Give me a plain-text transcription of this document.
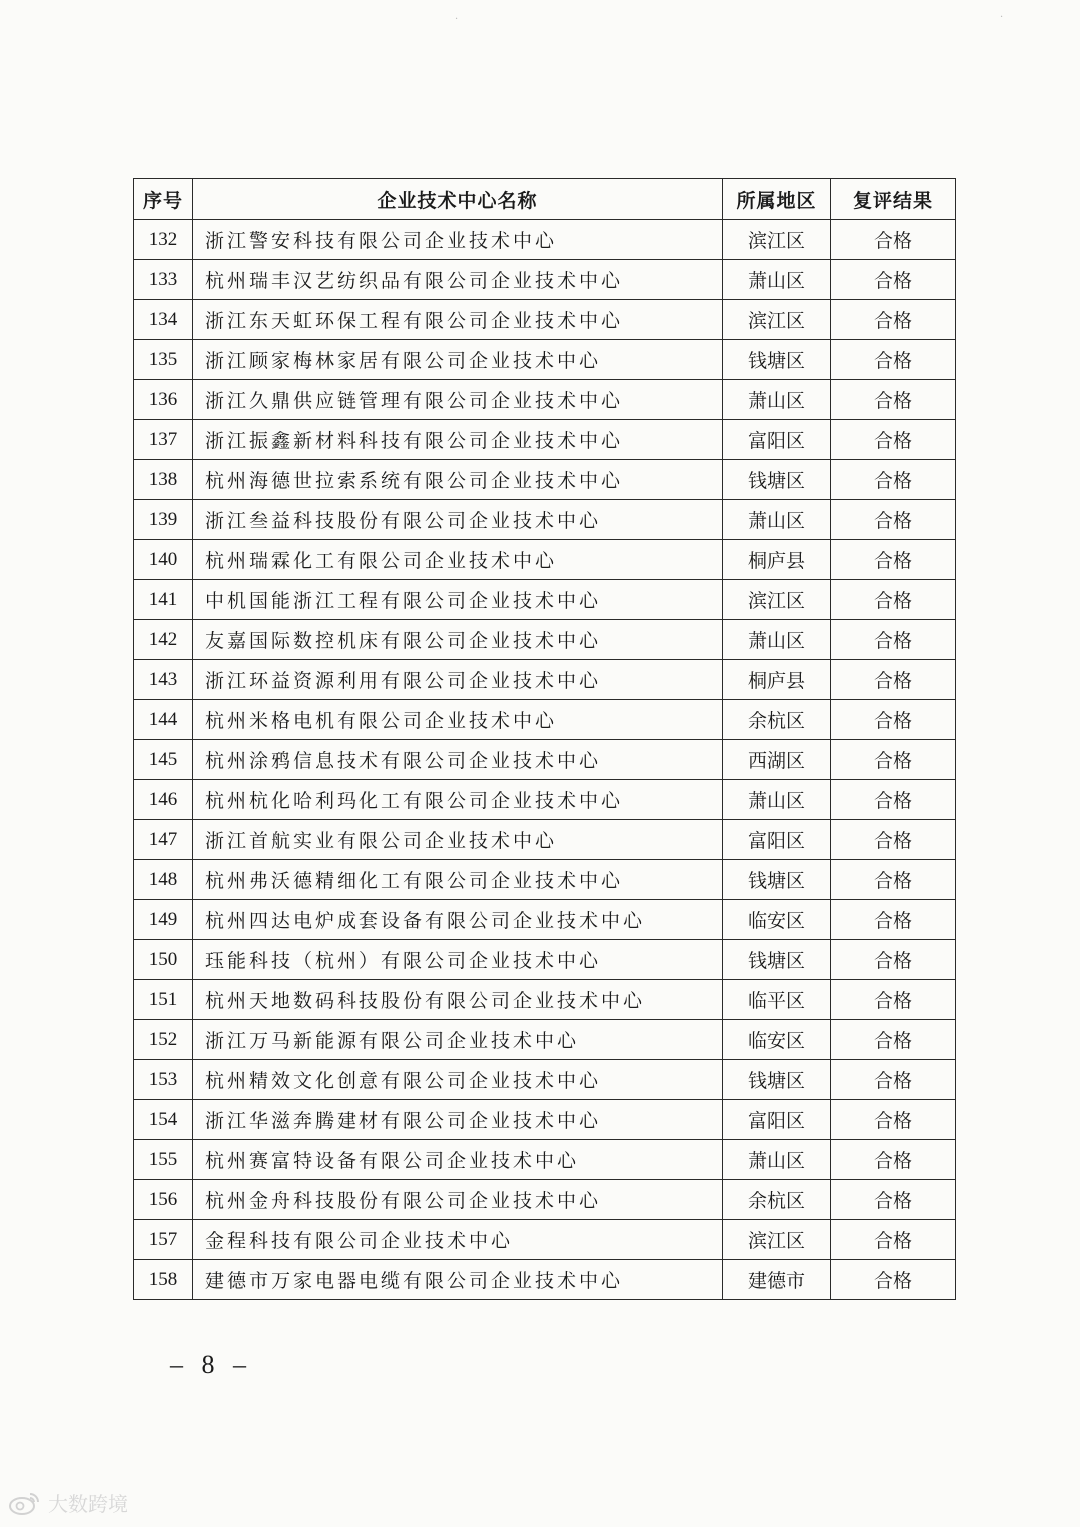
·	·
序号	企业技术中心名称	所属地区	复评结果
132	浙江警安科技有限公司企业技术中心	滨江区	合格
133	杭州瑞丰汉艺纺织品有限公司企业技术中心	萧山区	合格
134	浙江东天虹环保工程有限公司企业技术中心	滨江区	合格
135	浙江顾家梅林家居有限公司企业技术中心	钱塘区	合格
136	浙江久鼎供应链管理有限公司企业技术中心	萧山区	合格
137	浙江振鑫新材料科技有限公司企业技术中心	富阳区	合格
138	杭州海德世拉索系统有限公司企业技术中心	钱塘区	合格
139	浙江叁益科技股份有限公司企业技术中心	萧山区	合格
140	杭州瑞霖化工有限公司企业技术中心	桐庐县	合格
141	中机国能浙江工程有限公司企业技术中心	滨江区	合格
142	友嘉国际数控机床有限公司企业技术中心	萧山区	合格
143	浙江环益资源利用有限公司企业技术中心	桐庐县	合格
144	杭州米格电机有限公司企业技术中心	余杭区	合格
145	杭州涂鸦信息技术有限公司企业技术中心	西湖区	合格
146	杭州杭化哈利玛化工有限公司企业技术中心	萧山区	合格
147	浙江首航实业有限公司企业技术中心	富阳区	合格
148	杭州弗沃德精细化工有限公司企业技术中心	钱塘区	合格
149	杭州四达电炉成套设备有限公司企业技术中心	临安区	合格
150	珏能科技（杭州）有限公司企业技术中心	钱塘区	合格
151	杭州天地数码科技股份有限公司企业技术中心	临平区	合格
152	浙江万马新能源有限公司企业技术中心	临安区	合格
153	杭州精效文化创意有限公司企业技术中心	钱塘区	合格
154	浙江华滋奔腾建材有限公司企业技术中心	富阳区	合格
155	杭州赛富特设备有限公司企业技术中心	萧山区	合格
156	杭州金舟科技股份有限公司企业技术中心	余杭区	合格
157	金程科技有限公司企业技术中心	滨江区	合格
158	建德市万家电器电缆有限公司企业技术中心	建德市	合格
– 8 –
大数跨境
